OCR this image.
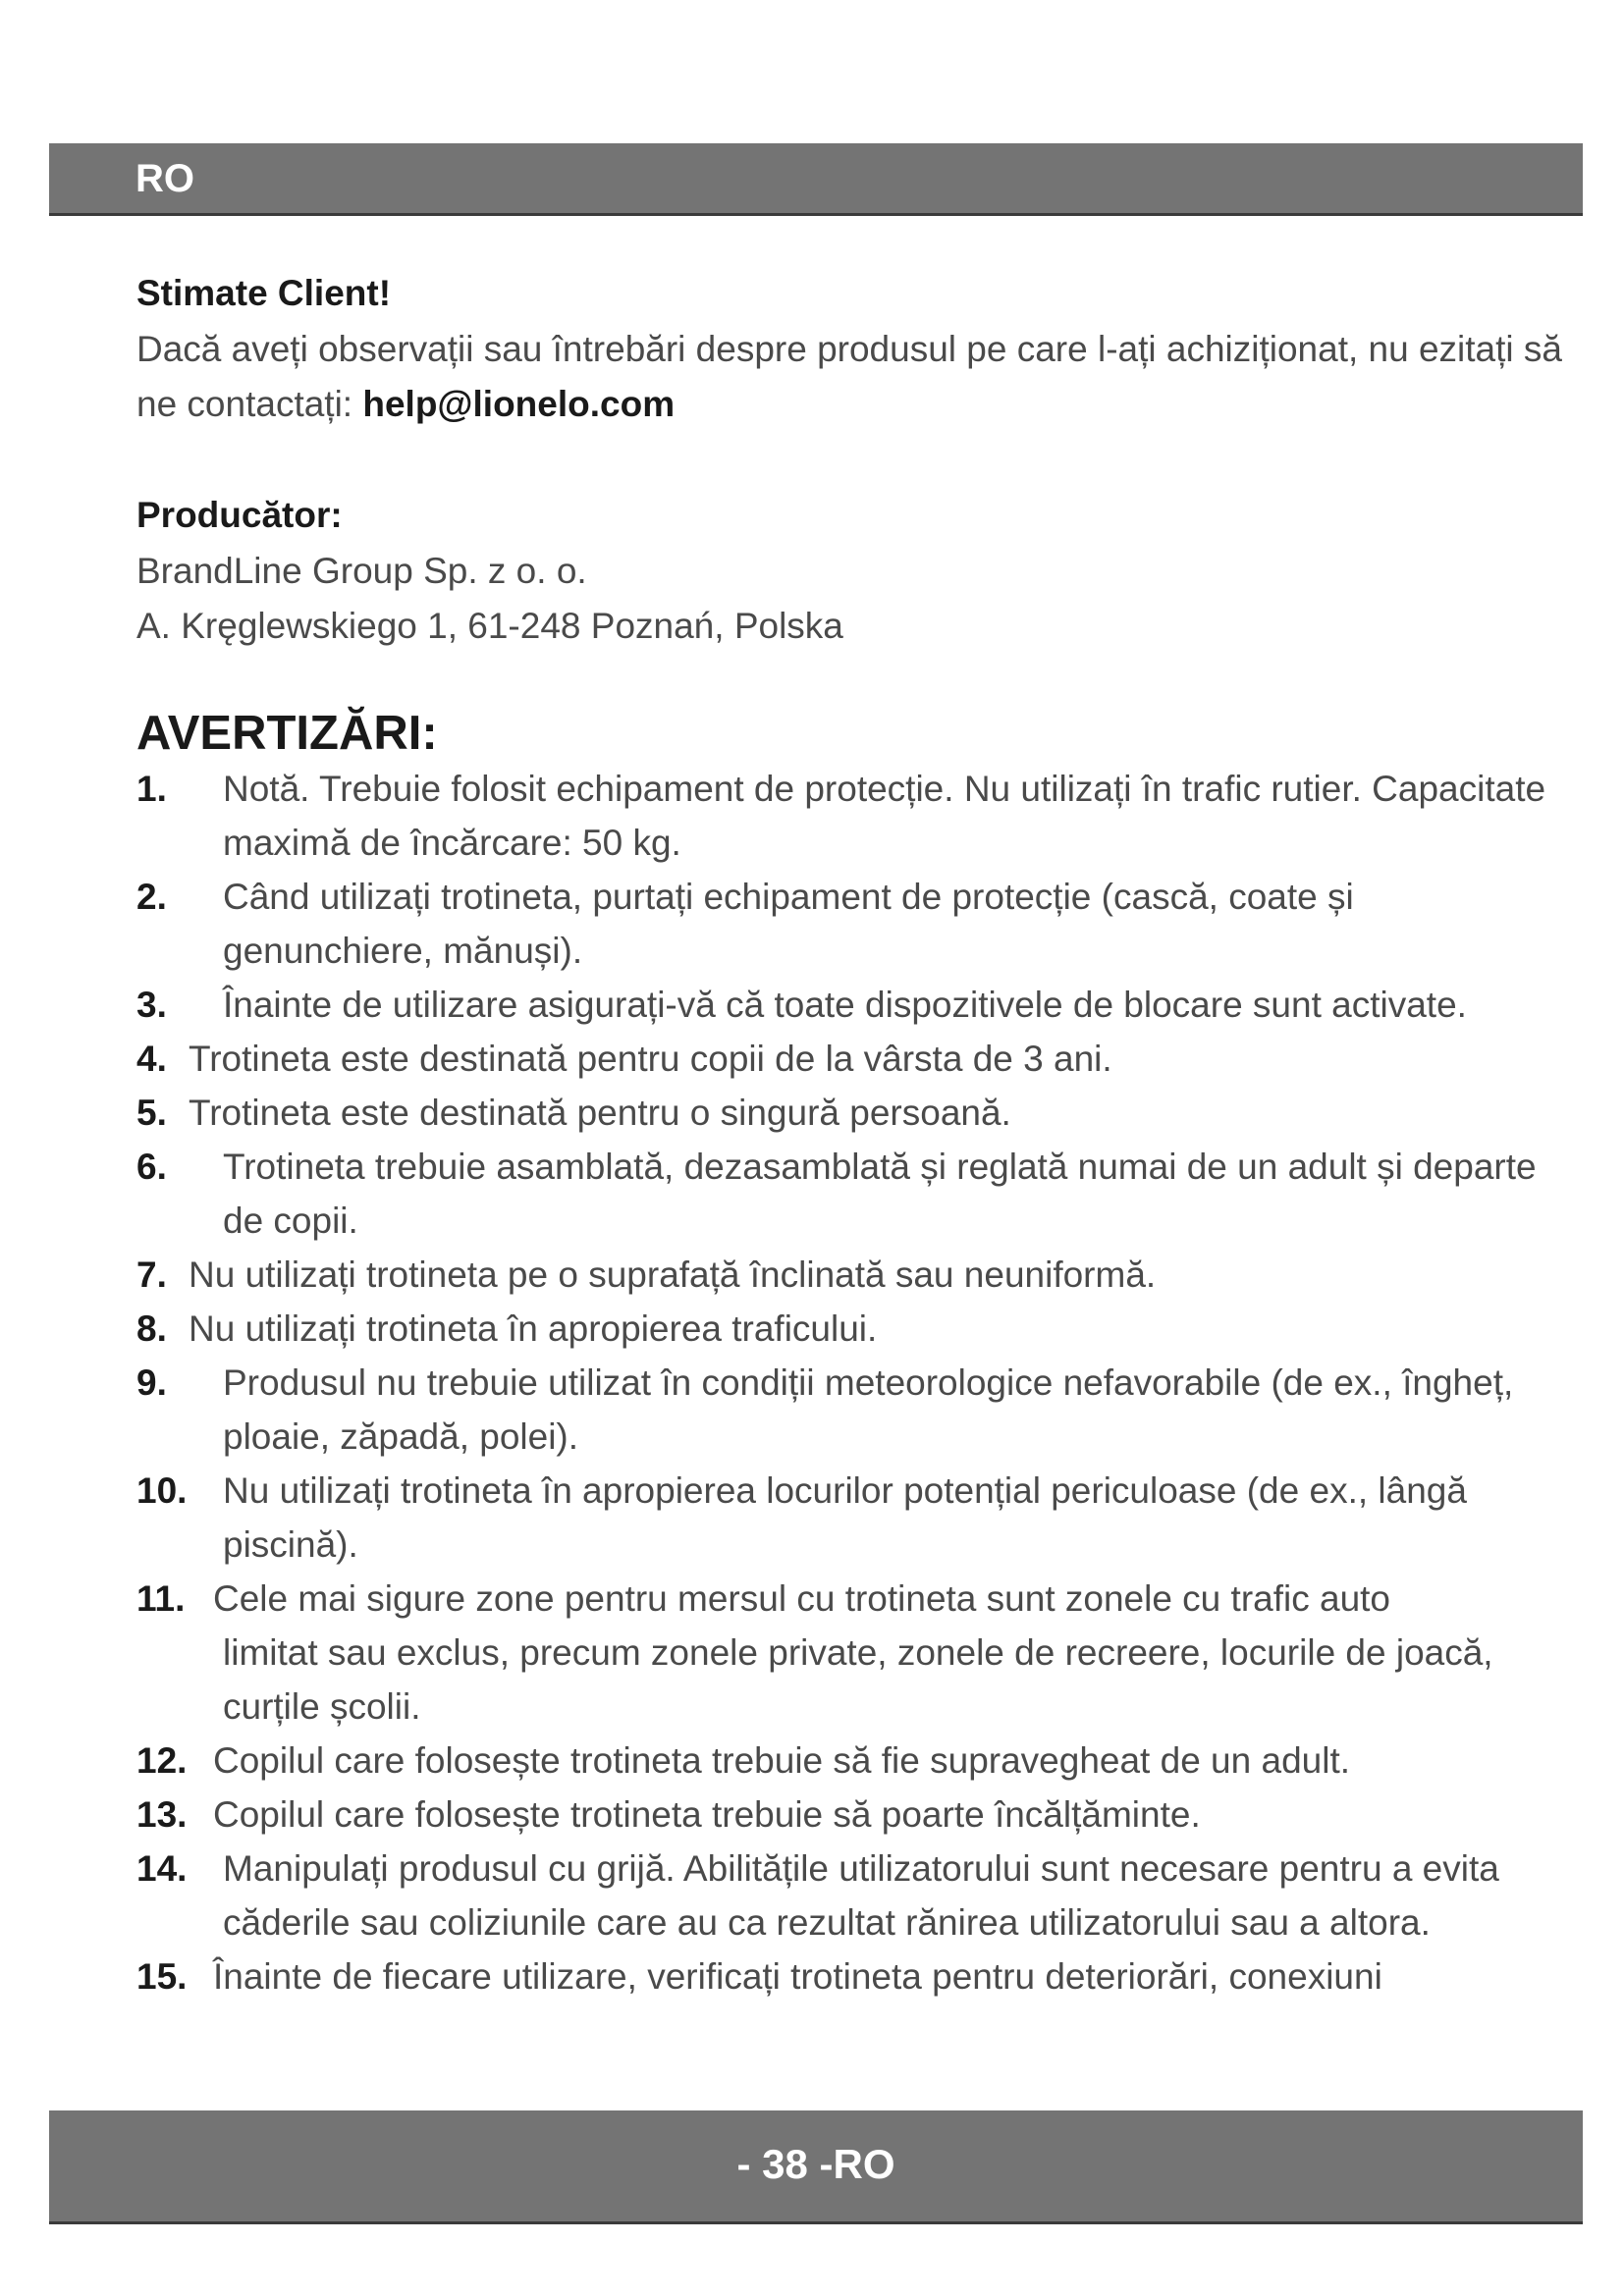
RO

Stimate Client!

Dacă aveți observații sau întrebări despre produsul pe care l-ați achiziționat, nu ezitați să ne contactați: help@lionelo.com

Producător:

BrandLine Group Sp. z o. o.

A. Kręglewskiego 1, 61-248 Poznań, Polska

AVERTIZĂRI:
1. Notă. Trebuie folosit echipament de protecție. Nu utilizați în trafic rutier. Capacitate maximă de încărcare: 50 kg.
2. Când utilizați trotineta, purtați echipament de protecție (cască, coate și genunchiere, mănuși).
3. Înainte de utilizare asigurați-vă că toate dispozitivele de blocare sunt activate.
4. Trotineta este destinată pentru copii de la vârsta de 3 ani.
5. Trotineta este destinată pentru o singură persoană.
6. Trotineta trebuie asamblată, dezasamblată și reglată numai de un adult și departe de copii.
7. Nu utilizați trotineta pe o suprafață înclinată sau neuniformă.
8. Nu utilizați trotineta în apropierea traficului.
9. Produsul nu trebuie utilizat în condiții meteorologice nefavorabile (de ex., îngheț, ploaie, zăpadă, polei).
10. Nu utilizați trotineta în apropierea locurilor potențial periculoase (de ex., lângă piscină).
11. Cele mai sigure zone pentru mersul cu trotineta sunt zonele cu trafic auto
limitat sau exclus, precum zonele private, zonele de recreere, locurile de joacă, curțile școlii.
12. Copilul care folosește trotineta trebuie să fie supravegheat de un adult.
13. Copilul care folosește trotineta trebuie să poarte încălțăminte.
14. Manipulați produsul cu grijă. Abilitățile utilizatorului sunt necesare pentru a evita căderile sau coliziunile care au ca rezultat rănirea utilizatorului sau a altora.
15. Înainte de fiecare utilizare, verificați trotineta pentru deteriorări, conexiuni
- 38 -RO
